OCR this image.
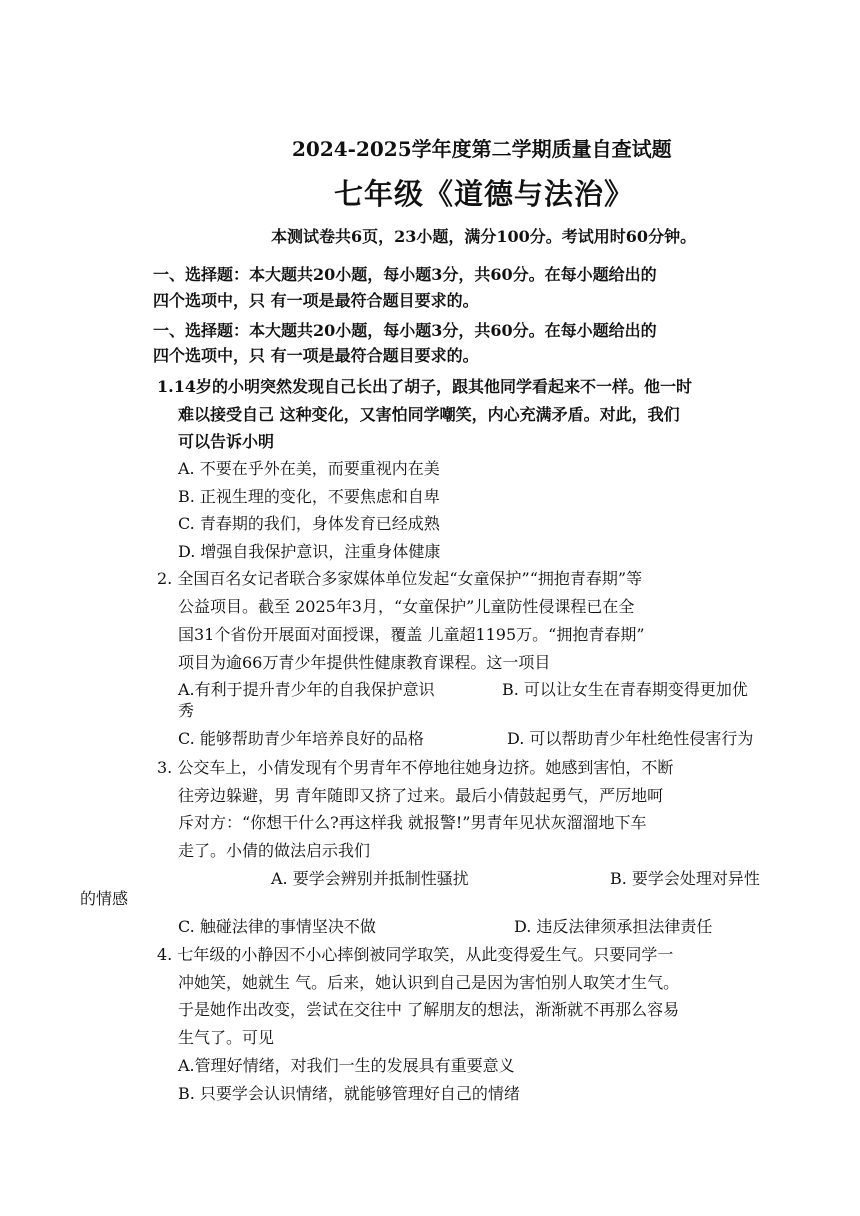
2024-2025学年度第二学期质量自查试题
七年级《道德与法治》
本测试卷共6页，23小题，满分100分。考试用时60分钟。
一、选择题：本大题共20小题，每小题3分，共60分。在每小题给出的
四个选项中，只 有一项是最符合题目要求的。
一、选择题：本大题共20小题，每小题3分，共60分。在每小题给出的
四个选项中，只 有一项是最符合题目要求的。
1.14岁的小明突然发现自己长出了胡子，跟其他同学看起来不一样。他一时
难以接受自己 这种变化，又害怕同学嘲笑，内心充满矛盾。对此，我们
可以告诉小明
A. 不要在乎外在美，而要重视内在美
B. 正视生理的变化，不要焦虑和自卑
C. 青春期的我们，身体发育已经成熟
D. 增强自我保护意识，注重身体健康
2. 全国百名女记者联合多家媒体单位发起“女童保护”“拥抱青春期”等
公益项目。截至 2025年3月，“女童保护”儿童防性侵课程已在全
国31个省份开展面对面授课，覆盖 儿童超1195万。“拥抱青春期”
项目为逾66万青少年提供性健康教育课程。这一项目
A.有利于提升青少年的自我保护意识	B. 可以让女生在青春期变得更加优
秀
C. 能够帮助青少年培养良好的品格	D. 可以帮助青少年杜绝性侵害行为
3. 公交车上，小倩发现有个男青年不停地往她身边挤。她感到害怕，不断
往旁边躲避，男 青年随即又挤了过来。最后小倩鼓起勇气，严厉地呵
斥对方：“你想干什么?再这样我 就报警!”男青年见状灰溜溜地下车
走了。小倩的做法启示我们
A. 要学会辨别并抵制性骚扰	B. 要学会处理对异性
的情感
C. 触碰法律的事情坚决不做	D. 违反法律须承担法律责任
4. 七年级的小静因不小心摔倒被同学取笑，从此变得爱生气。只要同学一
冲她笑，她就生 气。后来，她认识到自己是因为害怕别人取笑才生气。
于是她作出改变，尝试在交往中 了解朋友的想法，渐渐就不再那么容易
生气了。可见
A.管理好情绪，对我们一生的发展具有重要意义
B. 只要学会认识情绪，就能够管理好自己的情绪
